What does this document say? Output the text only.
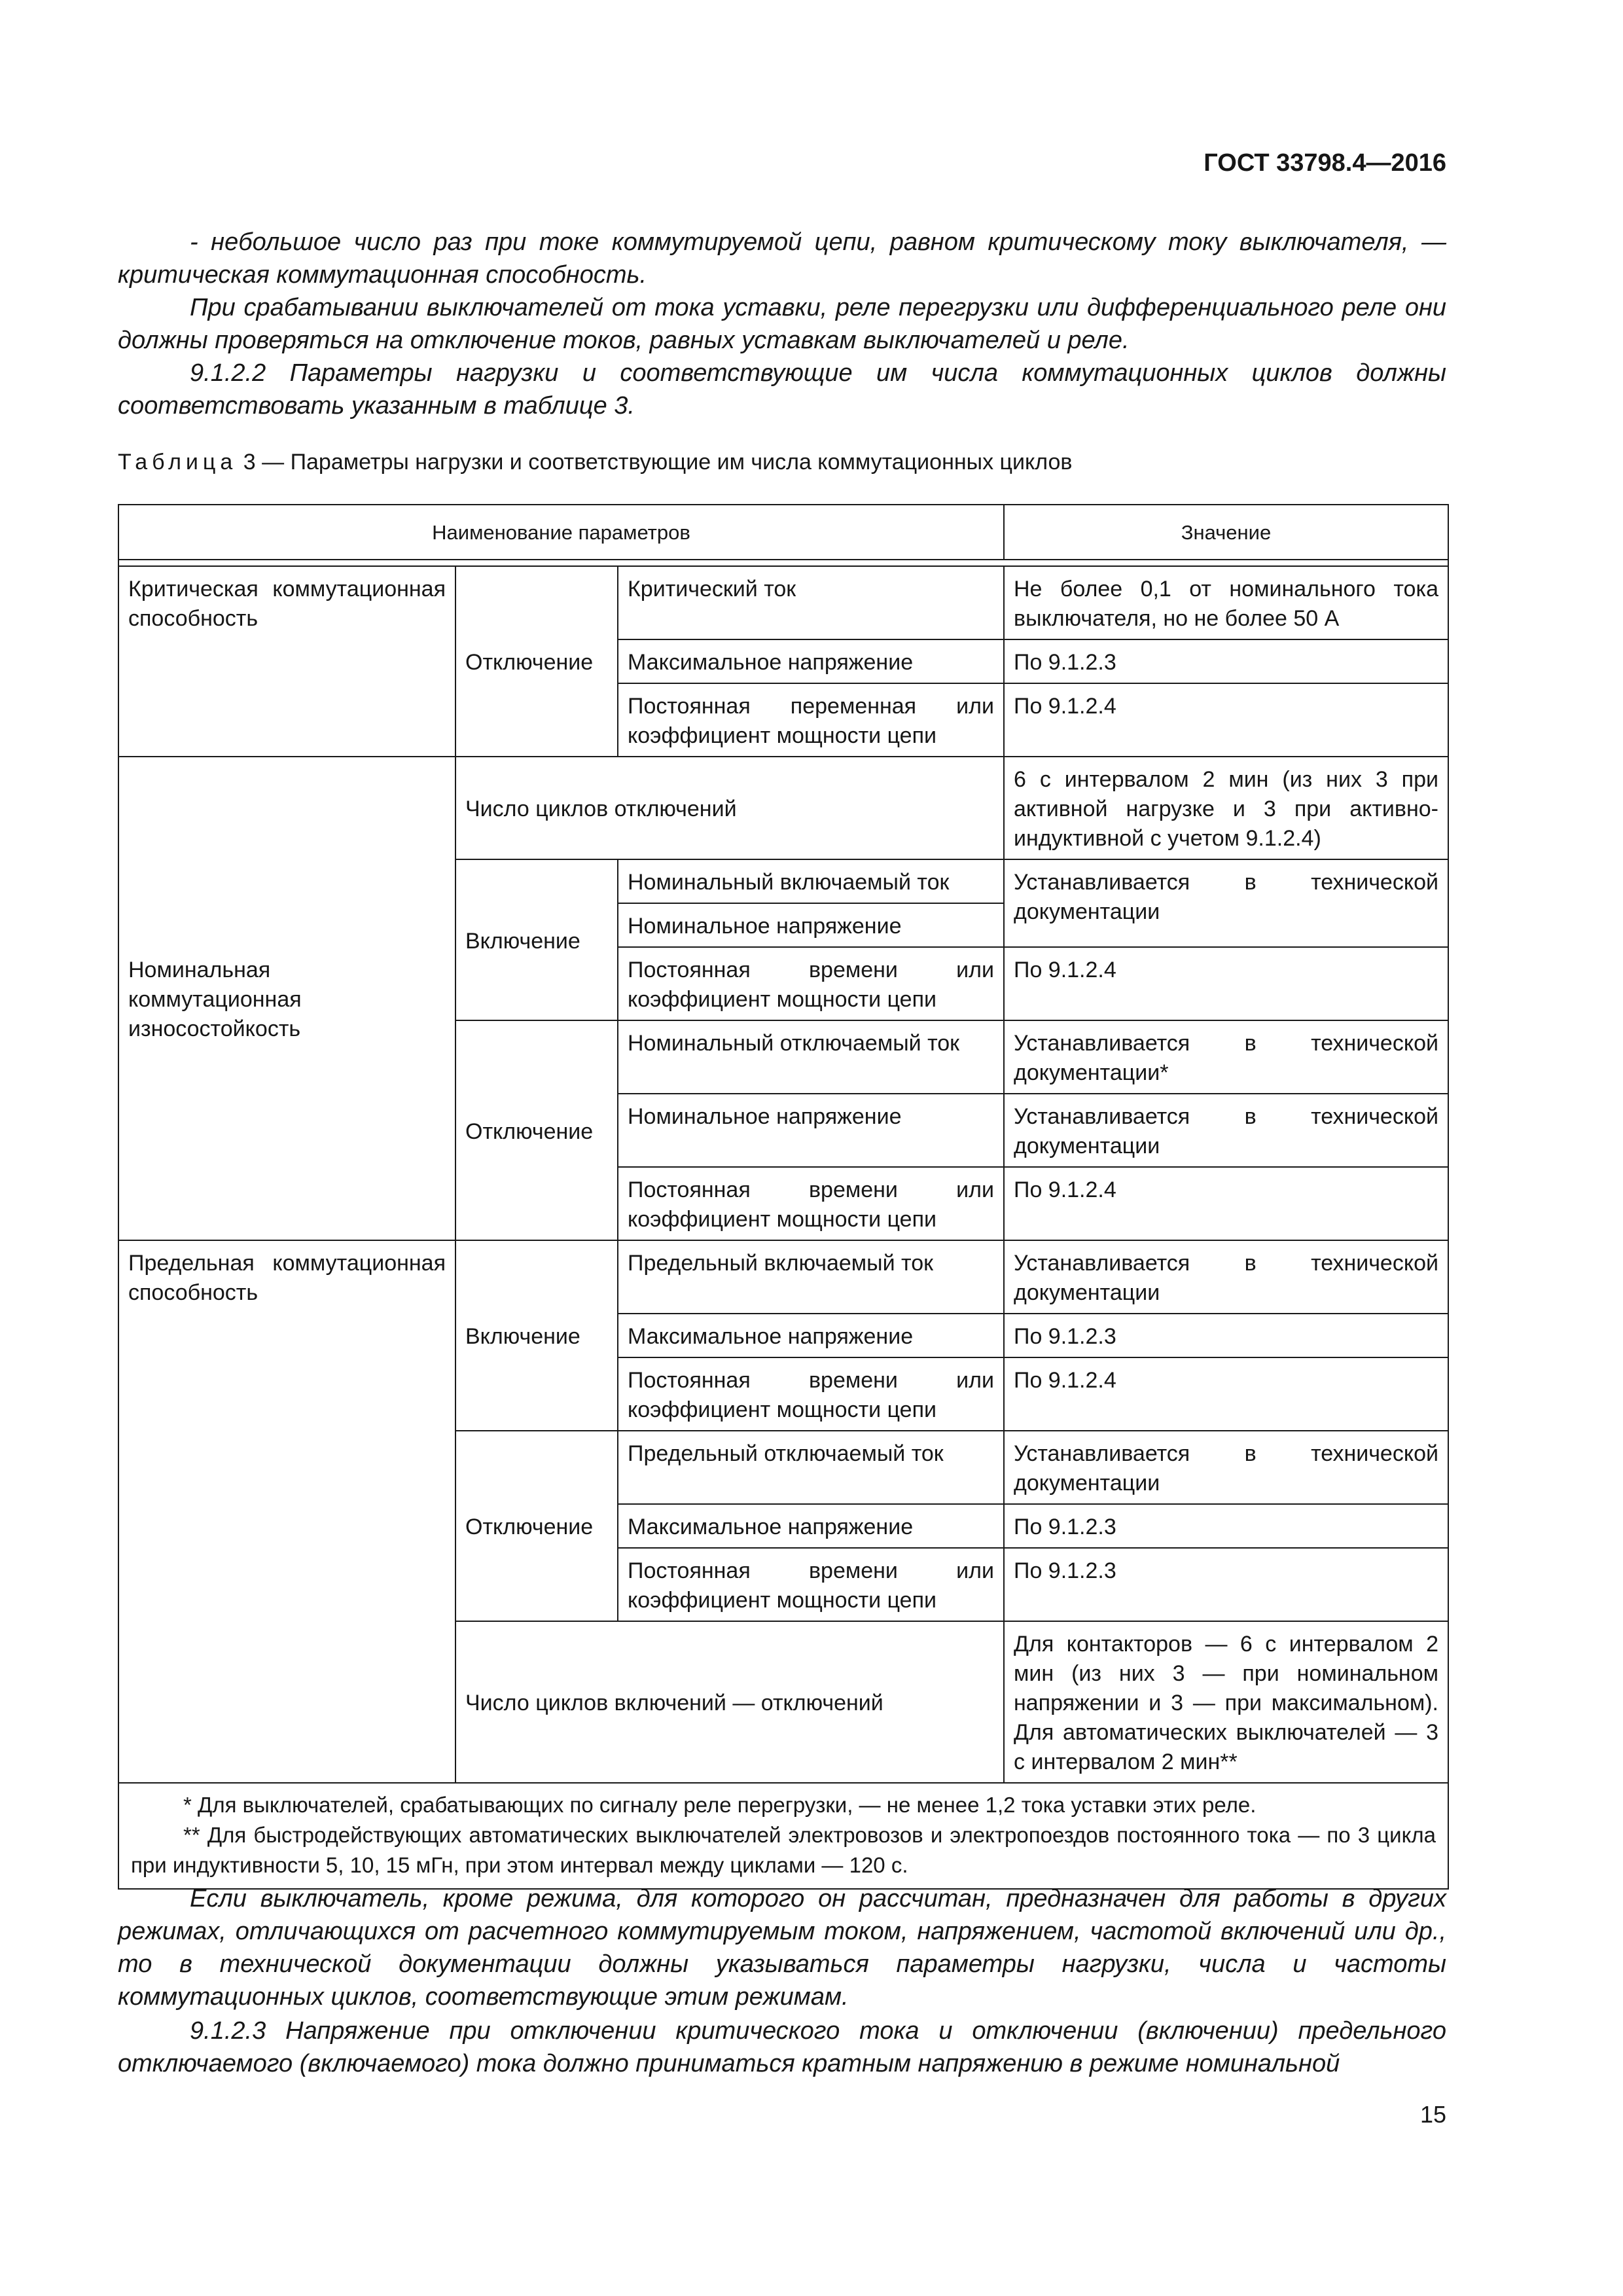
ГОСТ 33798.4—2016

- небольшое число раз при токе коммутируемой цепи, равном критическому току выключателя, — критическая коммутационная способность.

При срабатывании выключателей от тока уставки, реле перегрузки или дифференциального реле они должны проверяться на отключение токов, равных уставкам выключателей и реле.

9.1.2.2 Параметры нагрузки и соответствующие им числа коммутационных циклов должны соответствовать указанным в таблице 3.

Таблица 3 — Параметры нагрузки и соответствующие им числа коммутационных циклов
Наименование параметров			Значение

Критическая коммутационная способность	Отключение	Критический ток	Не более 0,1 от номинального тока выключателя, но не более 50 А
		Максимальное напряжение	По 9.1.2.3
		Постоянная переменная или коэффициент мощности цепи	По 9.1.2.4
Номинальная коммутационная износостойкость	Число циклов отключений		6 с интервалом 2 мин (из них 3 при активной нагрузке и 3 при активно-индуктивной с учетом 9.1.2.4)
	Включение	Номинальный включаемый ток	Устанавливается в технической документации
		Номинальное напряжение	
		Постоянная времени или коэффициент мощности цепи	По 9.1.2.4
	Отключение	Номинальный отключаемый ток	Устанавливается в технической документации*
		Номинальное напряжение	Устанавливается в технической документации
		Постоянная времени или коэффициент мощности цепи	По 9.1.2.4
Предельная коммутационная способность	Включение	Предельный включаемый ток	Устанавливается в технической документации
		Максимальное напряжение	По 9.1.2.3
		Постоянная времени или коэффициент мощности цепи	По 9.1.2.4
	Отключение	Предельный отключаемый ток	Устанавливается в технической документации
		Максимальное напряжение	По 9.1.2.3
		Постоянная времени или коэффициент мощности цепи	По 9.1.2.3
	Число циклов включений — отключений		Для контакторов — 6 с интервалом 2 мин (из них 3 — при номинальном напряжении и 3 — при максимальном). Для автоматических выключателей — 3 с интервалом 2 мин**

* Для выключателей, срабатывающих по сигналу реле перегрузки, — не менее 1,2 тока уставки этих реле.
** Для быстродействующих автоматических выключателей электровозов и электропоездов постоянного тока — по 3 цикла при индуктивности 5, 10, 15 мГн, при этом интервал между циклами — 120 с.			

Если выключатель, кроме режима, для которого он рассчитан, предназначен для работы в других режимах, отличающихся от расчетного коммутируемым током, напряжением, частотой включений или др., то в технической документации должны указываться параметры нагрузки, числа и частоты коммутационных циклов, соответствующие этим режимам.

9.1.2.3 Напряжение при отключении критического тока и отключении (включении) предельного отключаемого (включаемого) тока должно приниматься кратным напряжению в режиме номинальной

15
